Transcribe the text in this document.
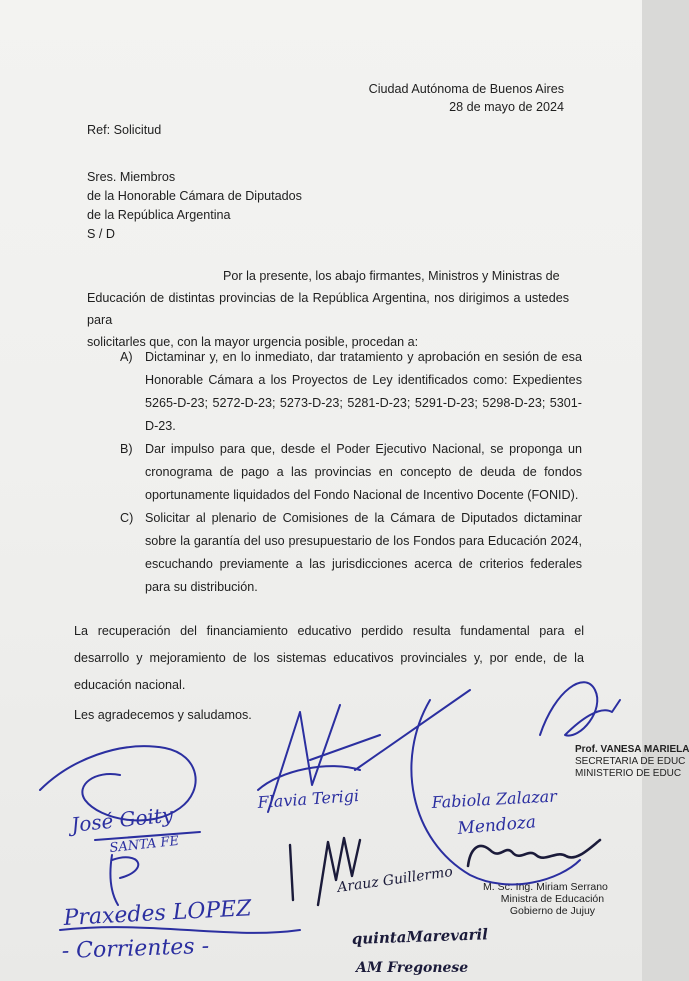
Ciudad Autónoma de Buenos Aires
28 de mayo de 2024
Ref: Solicitud
Sres. Miembros
de la Honorable Cámara de Diputados
de la República Argentina
S / D
Por la presente, los abajo firmantes, Ministros y Ministras de
Educación de distintas provincias de la República Argentina, nos dirigimos a ustedes para
solicitarles que, con la mayor urgencia posible, procedan a:
A) Dictaminar y, en lo inmediato, dar tratamiento y aprobación en sesión de esa Honorable Cámara a los Proyectos de Ley identificados como: Expedientes 5265-D-23; 5272-D-23; 5273-D-23; 5281-D-23; 5291-D-23; 5298-D-23; 5301-D-23.
B) Dar impulso para que, desde el Poder Ejecutivo Nacional, se proponga un cronograma de pago a las provincias en concepto de deuda de fondos oportunamente liquidados del Fondo Nacional de Incentivo Docente (FONID).
C) Solicitar al plenario de Comisiones de la Cámara de Diputados dictaminar sobre la garantía del uso presupuestario de los Fondos para Educación 2024, escuchando previamente a las jurisdicciones acerca de criterios federales para su distribución.
La recuperación del financiamiento educativo perdido resulta fundamental para el desarrollo y mejoramiento de los sistemas educativos provinciales y, por ende, de la educación nacional.
Les agradecemos y saludamos.
Prof. VANESA MARIELA
SECRETARIA DE EDUC
MINISTERIO DE EDUC
M. Sc. Ing. Miriam Serrano
Ministra de Educación
Gobierno de Jujuy
José Goity
SANTA FE
Flavia Terigi	Fabiola Zalazar
Mendoza
Arauz Guillermo
Praxedes LOPEZ
- Corrientes -	quintaMarevaril
AM Fregonese
